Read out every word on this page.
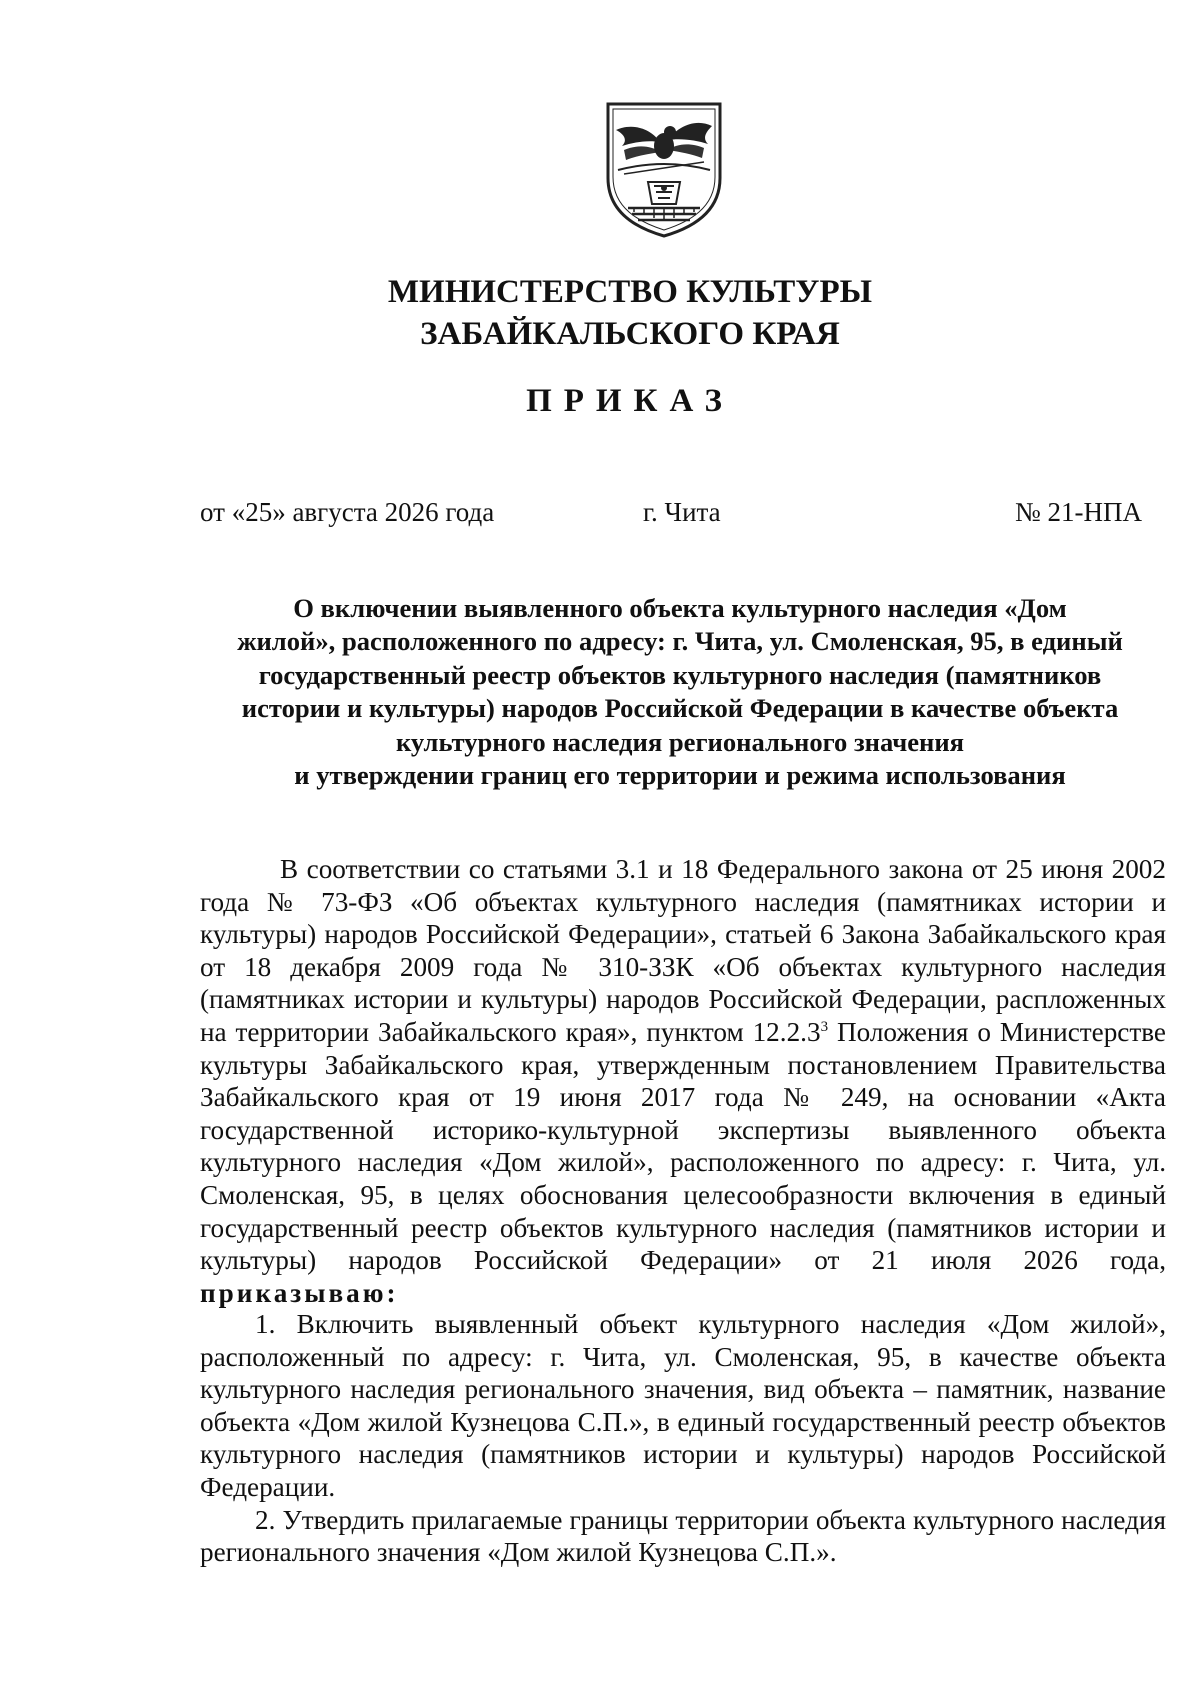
МИНИСТЕРСТВО КУЛЬТУРЫ
ЗАБАЙКАЛЬСКОГО КРАЯ
ПРИКАЗ
от «25» августа 2026 года	г. Чита	№ 21-НПА
О включении выявленного объекта культурного наследия «Дом
жилой», расположенного по адресу: г. Чита, ул. Смоленская, 95, в единый
государственный реестр объектов культурного наследия (памятников
истории и культуры) народов Российской Федерации в качестве объекта
культурного наследия регионального значения
и утверждении границ его территории и режима использования

В соответствии со статьями 3.1 и 18 Федерального закона от 25 июня 2002 года № 73-ФЗ «Об объектах культурного наследия (памятниках истории и культуры) народов Российской Федерации», статьей 6 Закона Забайкальского края от 18 декабря 2009 года № 310-ЗЗК «Об объектах культурного наследия (памятниках истории и культуры) народов Российской Федерации, распложенных на территории Забайкальского края», пунктом 12.2.3$^3$ Положения о Министерстве культуры Забайкальского края, утвержденным постановлением Правительства Забайкальского края от 19 июня 2017 года № 249, на основании «Акта государственной историко-культурной экспертизы выявленного объекта культурного наследия «Дом жилой», расположенного по адресу: г. Чита, ул. Смоленская, 95, в целях обоснования целесообразности включения в единый государственный реестр объектов культурного наследия (памятников истории и культуры) народов Российской Федерации» от 21 июля 2026 года, приказываю:

1. Включить выявленный объект культурного наследия «Дом жилой», расположенный по адресу: г. Чита, ул. Смоленская, 95, в качестве объекта культурного наследия регионального значения, вид объекта – памятник, название объекта «Дом жилой Кузнецова С.П.», в единый государственный реестр объектов культурного наследия (памятников истории и культуры) народов Российской Федерации.

2. Утвердить прилагаемые границы территории объекта культурного наследия регионального значения «Дом жилой Кузнецова С.П.».
